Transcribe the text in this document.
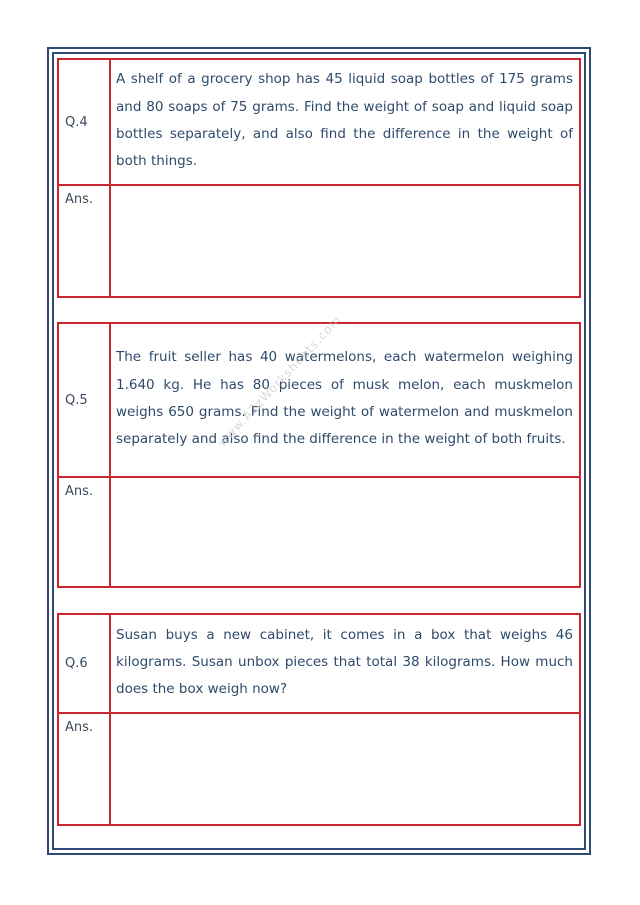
Q.4	A shelf of a grocery shop has 45 liquid soap bottles of 175 grams and 80 soaps of 75 grams. Find the weight of soap and liquid soap bottles separately, and also find the difference in the weight of both things.
Ans.	
Q.5	The fruit seller has 40 watermelons, each watermelon weighing 1.640 kg. He has 80 pieces of musk melon, each muskmelon weighs 650 grams. Find the weight of watermelon and muskmelon separately and also find the difference in the weight of both fruits.
Ans.	
Q.6	Susan buys a new cabinet, it comes in a box that weighs 46 kilograms. Susan unbox pieces that total 38 kilograms. How much does the box weigh now?
Ans.	
www.A2zWorksheets.com
